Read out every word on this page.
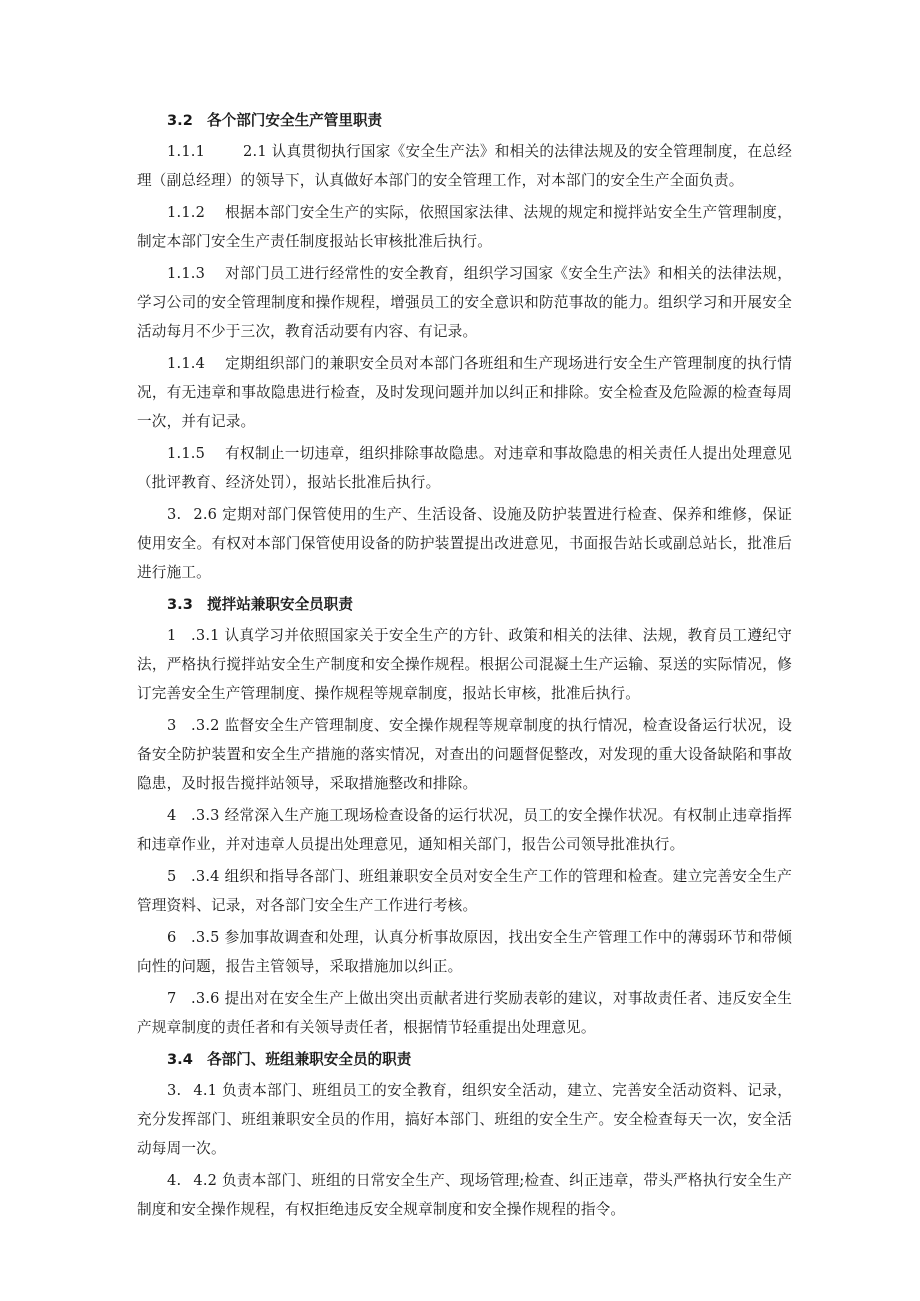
3.2 各个部门安全生产管里职责

1.1.1	2.1 认真贯彻执行国家《安全生产法》和相关的法律法规及的安全管理制度，在总经理（副总经理）的领导下，认真做好本部门的安全管理工作，对本部门的安全生产全面负责。

1.1.2 根据本部门安全生产的实际，依照国家法律、法规的规定和搅拌站安全生产管理制度，制定本部门安全生产责任制度报站长审核批准后执行。

1.1.3 对部门员工进行经常性的安全教育，组织学习国家《安全生产法》和相关的法律法规，学习公司的安全管理制度和操作规程，增强员工的安全意识和防范事故的能力。组织学习和开展安全活动每月不少于三次，教育活动要有内容、有记录。

1.1.4 定期组织部门的兼职安全员对本部门各班组和生产现场进行安全生产管理制度的执行情况，有无违章和事故隐患进行检查，及时发现问题并加以纠正和排除。安全检查及危险源的检查每周一次，并有记录。

1.1.5 有权制止一切违章，组织排除事故隐患。对违章和事故隐患的相关责任人提出处理意见（批评教育、经济处罚），报站长批准后执行。

3. 2.6 定期对部门保管使用的生产、生活设备、设施及防护装置进行检查、保养和维修，保证使用安全。有权对本部门保管使用设备的防护装置提出改进意见，书面报告站长或副总站长，批准后进行施工。

3.3 搅拌站兼职安全员职责

1 .3.1 认真学习并依照国家关于安全生产的方针、政策和相关的法律、法规，教育员工遵纪守法，严格执行搅拌站安全生产制度和安全操作规程。根据公司混凝土生产运输、泵送的实际情况，修订完善安全生产管理制度、操作规程等规章制度，报站长审核，批准后执行。

3 .3.2 监督安全生产管理制度、安全操作规程等规章制度的执行情况，检查设备运行状况，设备安全防护装置和安全生产措施的落实情况，对查出的问题督促整改，对发现的重大设备缺陷和事故隐患，及时报告搅拌站领导，采取措施整改和排除。

4 .3.3 经常深入生产施工现场检查设备的运行状况，员工的安全操作状况。有权制止违章指挥和违章作业，并对违章人员提出处理意见，通知相关部门，报告公司领导批准执行。

5 .3.4 组织和指导各部门、班组兼职安全员对安全生产工作的管理和检查。建立完善安全生产管理资料、记录，对各部门安全生产工作进行考核。

6 .3.5 参加事故调查和处理，认真分析事故原因，找出安全生产管理工作中的薄弱环节和带倾向性的问题，报告主管领导，采取措施加以纠正。

7 .3.6 提出对在安全生产上做出突出贡献者进行奖励表彰的建议，对事故责任者、违反安全生产规章制度的责任者和有关领导责任者，根据情节轻重提出处理意见。

3.4 各部门、班组兼职安全员的职责

3. 4.1 负责本部门、班组员工的安全教育，组织安全活动，建立、完善安全活动资料、记录，充分发挥部门、班组兼职安全员的作用，搞好本部门、班组的安全生产。安全检查每天一次，安全活动每周一次。

4. 4.2 负责本部门、班组的日常安全生产、现场管理;检查、纠正违章，带头严格执行安全生产制度和安全操作规程，有权拒绝违反安全规章制度和安全操作规程的指令。
